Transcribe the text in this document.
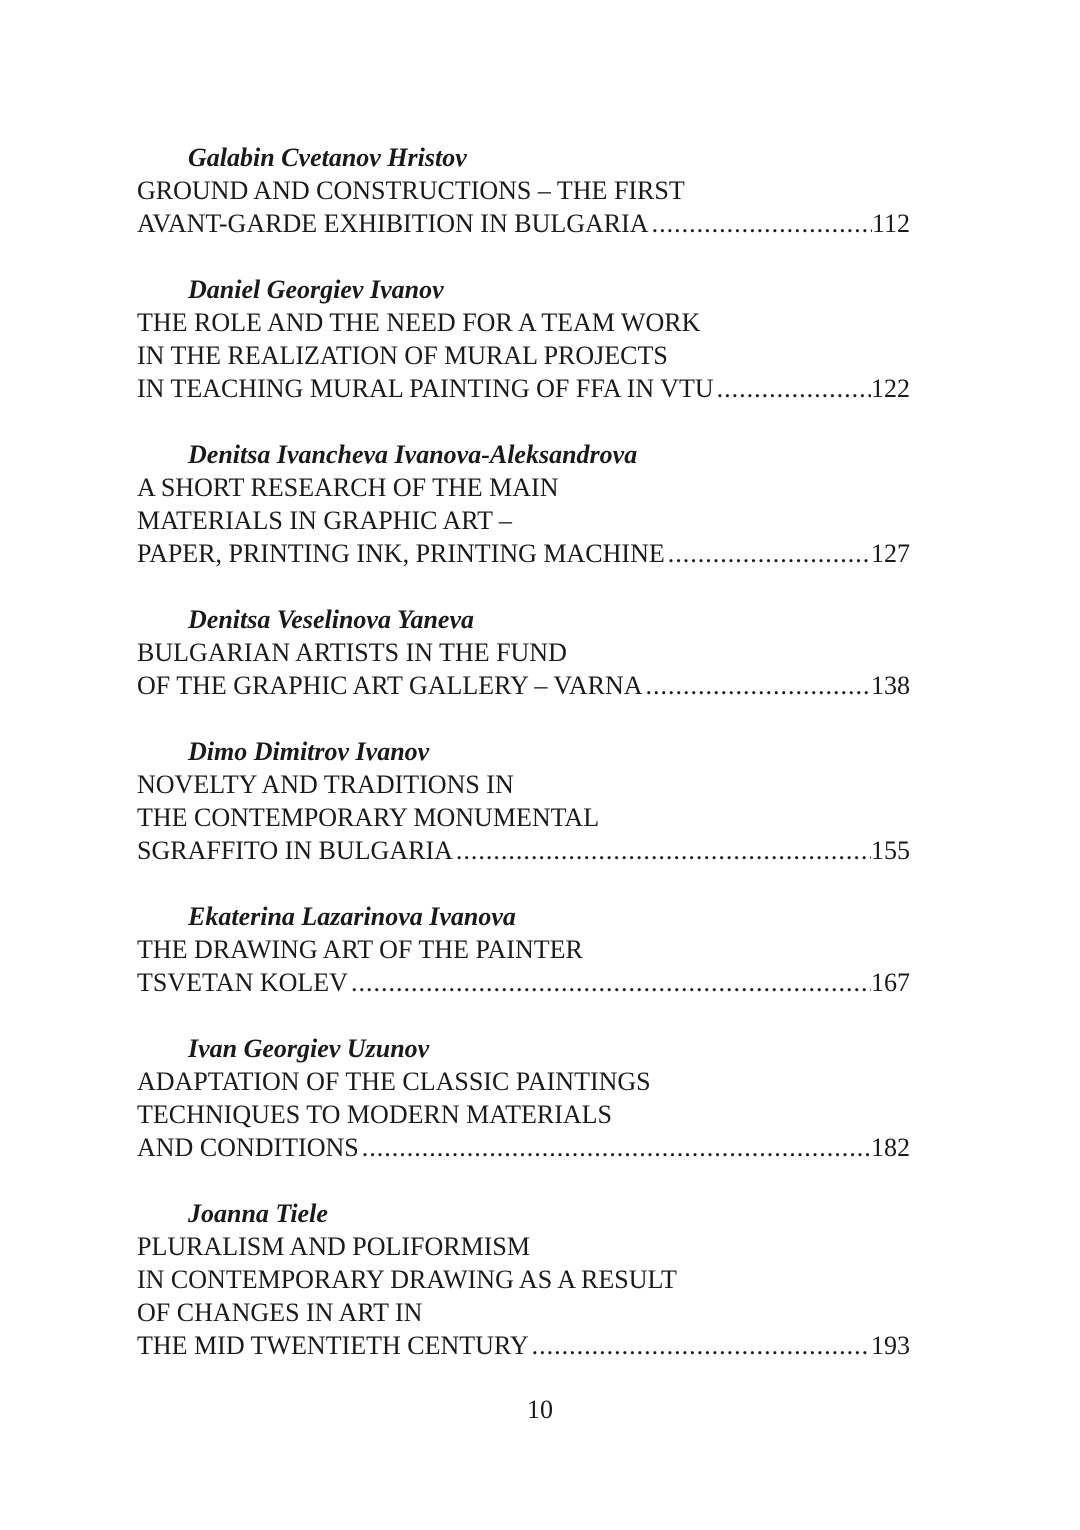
Galabin Cvetanov Hristov
GROUND AND CONSTRUCTIONS – THE FIRST
AVANT-GARDE EXHIBITION IN BULGARIA .....	112
Daniel Georgiev Ivanov
THE ROLE AND THE NEED FOR A TEAM WORK
IN THE REALIZATION OF MURAL PROJECTS
IN TEACHING MURAL PAINTING OF FFA IN VTU .....	122
Denitsa Ivancheva Ivanova-Aleksandrova
A SHORT RESEARCH OF THE MAIN
MATERIALS IN GRAPHIC ART –
PAPER, PRINTING INK, PRINTING MACHINE .....	127
Denitsa Veselinova Yaneva
BULGARIAN ARTISTS IN THE FUND
OF THE GRAPHIC ART GALLERY – VARNA .....	138
Dimo Dimitrov Ivanov
NOVELTY AND TRADITIONS IN
THE CONTEMPORARY MONUMENTAL
SGRAFFITO IN BULGARIA .....	155
Ekaterina Lazarinova Ivanova
THE DRAWING ART OF THE PAINTER
TSVETAN KOLEV .....	167
Ivan Georgiev Uzunov
ADAPTATION OF THE CLASSIC PAINTINGS
TECHNIQUES TO MODERN MATERIALS
AND CONDITIONS .....	182
Joanna Tiele
PLURALISM AND POLIFORMISM
IN CONTEMPORARY DRAWING AS A RESULT
OF CHANGES IN ART IN
THE MID TWENTIETH CENTURY .....	193
10
